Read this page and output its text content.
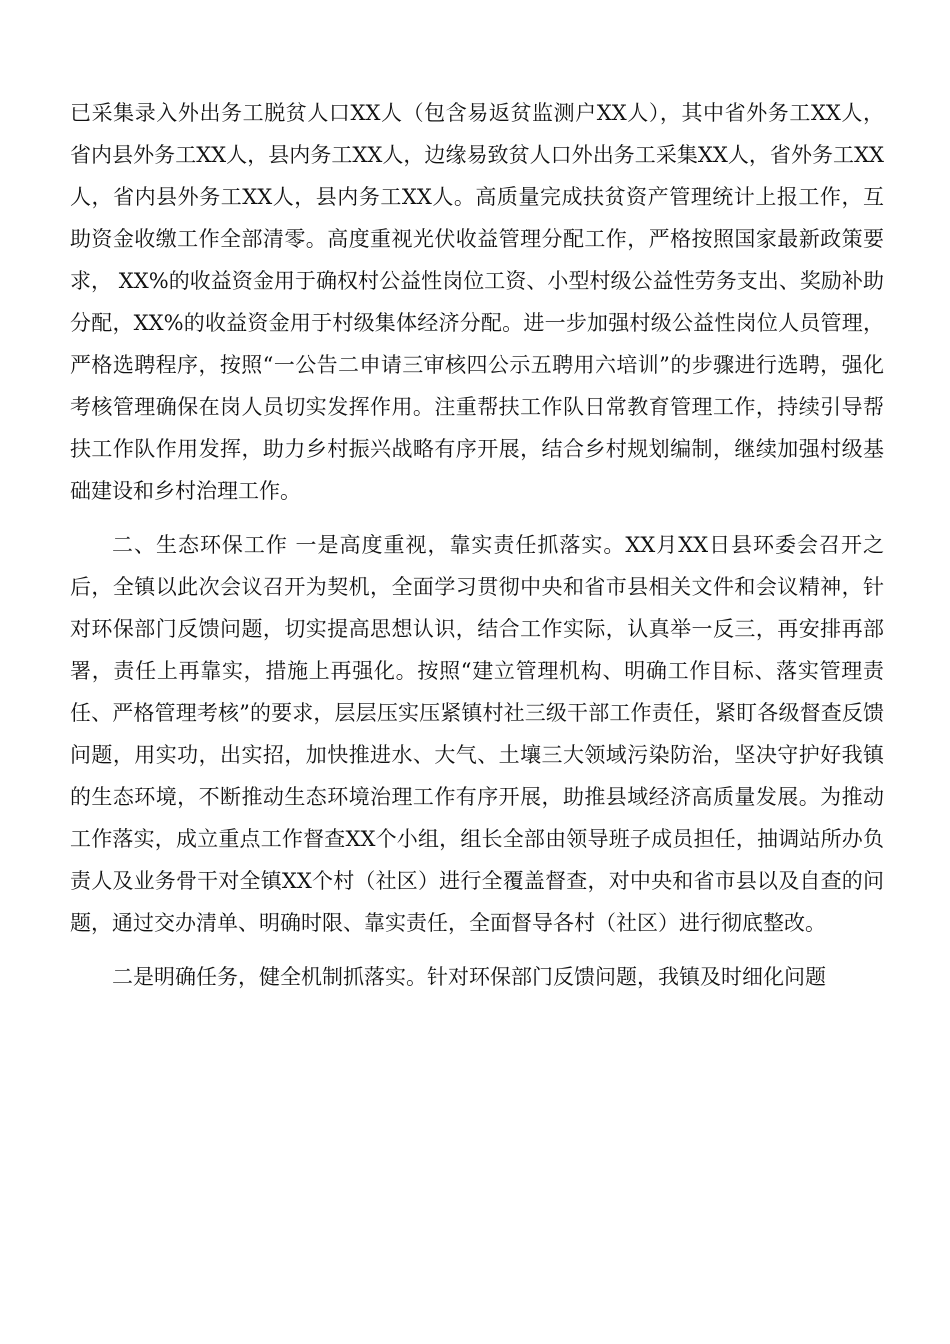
已采集录入外出务工脱贫人口XX人（包含易返贫监测户XX人），其中省外务工XX人，省内县外务工XX人，县内务工XX人，边缘易致贫人口外出务工采集XX人，省外务工XX人，省内县外务工XX人，县内务工XX人。高质量完成扶贫资产管理统计上报工作，互助资金收缴工作全部清零。高度重视光伏收益管理分配工作，严格按照国家最新政策要求， XX%的收益资金用于确权村公益性岗位工资、小型村级公益性劳务支出、奖励补助分配，XX%的收益资金用于村级集体经济分配。进一步加强村级公益性岗位人员管理，严格选聘程序，按照“一公告二申请三审核四公示五聘用六培训”的步骤进行选聘，强化考核管理确保在岗人员切实发挥作用。注重帮扶工作队日常教育管理工作，持续引导帮扶工作队作用发挥，助力乡村振兴战略有序开展，结合乡村规划编制，继续加强村级基础建设和乡村治理工作。

二、生态环保工作 一是高度重视，靠实责任抓落实。XX月XX日县环委会召开之后，全镇以此次会议召开为契机，全面学习贯彻中央和省市县相关文件和会议精神，针对环保部门反馈问题，切实提高思想认识，结合工作实际，认真举一反三，再安排再部署，责任上再靠实，措施上再强化。按照“建立管理机构、明确工作目标、落实管理责任、严格管理考核”的要求，层层压实压紧镇村社三级干部工作责任，紧盯各级督查反馈问题，用实功，出实招，加快推进水、大气、土壤三大领域污染防治，坚决守护好我镇的生态环境，不断推动生态环境治理工作有序开展，助推县域经济高质量发展。为推动工作落实，成立重点工作督查XX个小组，组长全部由领导班子成员担任，抽调站所办负责人及业务骨干对全镇XX个村（社区）进行全覆盖督查，对中央和省市县以及自查的问题，通过交办清单、明确时限、靠实责任，全面督导各村（社区）进行彻底整改。

二是明确任务，健全机制抓落实。针对环保部门反馈问题，我镇及时细化问题
